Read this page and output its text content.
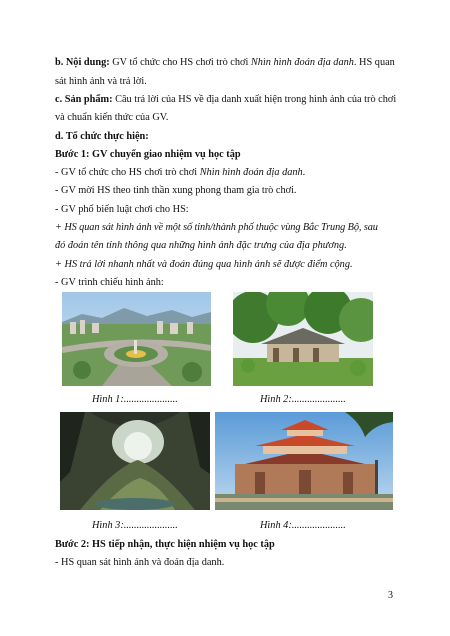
b. Nội dung: GV tổ chức cho HS chơi trò chơi Nhìn hình đoán địa danh. HS quan
sát hình ảnh và trả lời.
c. Sản phẩm: Câu trả lời của HS về địa danh xuất hiện trong hình ảnh của trò chơi
và chuẩn kiến thức của GV.
d. Tổ chức thực hiện:
Bước 1: GV chuyển giao nhiệm vụ học tập
- GV tổ chức cho HS chơi trò chơi Nhìn hình đoán địa danh.
- GV mời HS theo tinh thần xung phong tham gia trò chơi.
- GV phổ biến luật chơi cho HS:
+ HS quan sát hình ảnh về một số tỉnh/thành phố thuộc vùng Bắc Trung Bộ, sau
đó đoán tên tỉnh thông qua những hình ảnh đặc trưng của địa phương.
+ HS trả lời nhanh nhất và đoán đúng qua hình ảnh sẽ được điểm cộng.
- GV trình chiếu hình ảnh:
Hình 1:.....................	Hình 2:.....................
Hình 3:.....................	Hình 4:.....................
Bước 2: HS tiếp nhận, thực hiện nhiệm vụ học tập
- HS quan sát hình ảnh và đoán địa danh.
3
